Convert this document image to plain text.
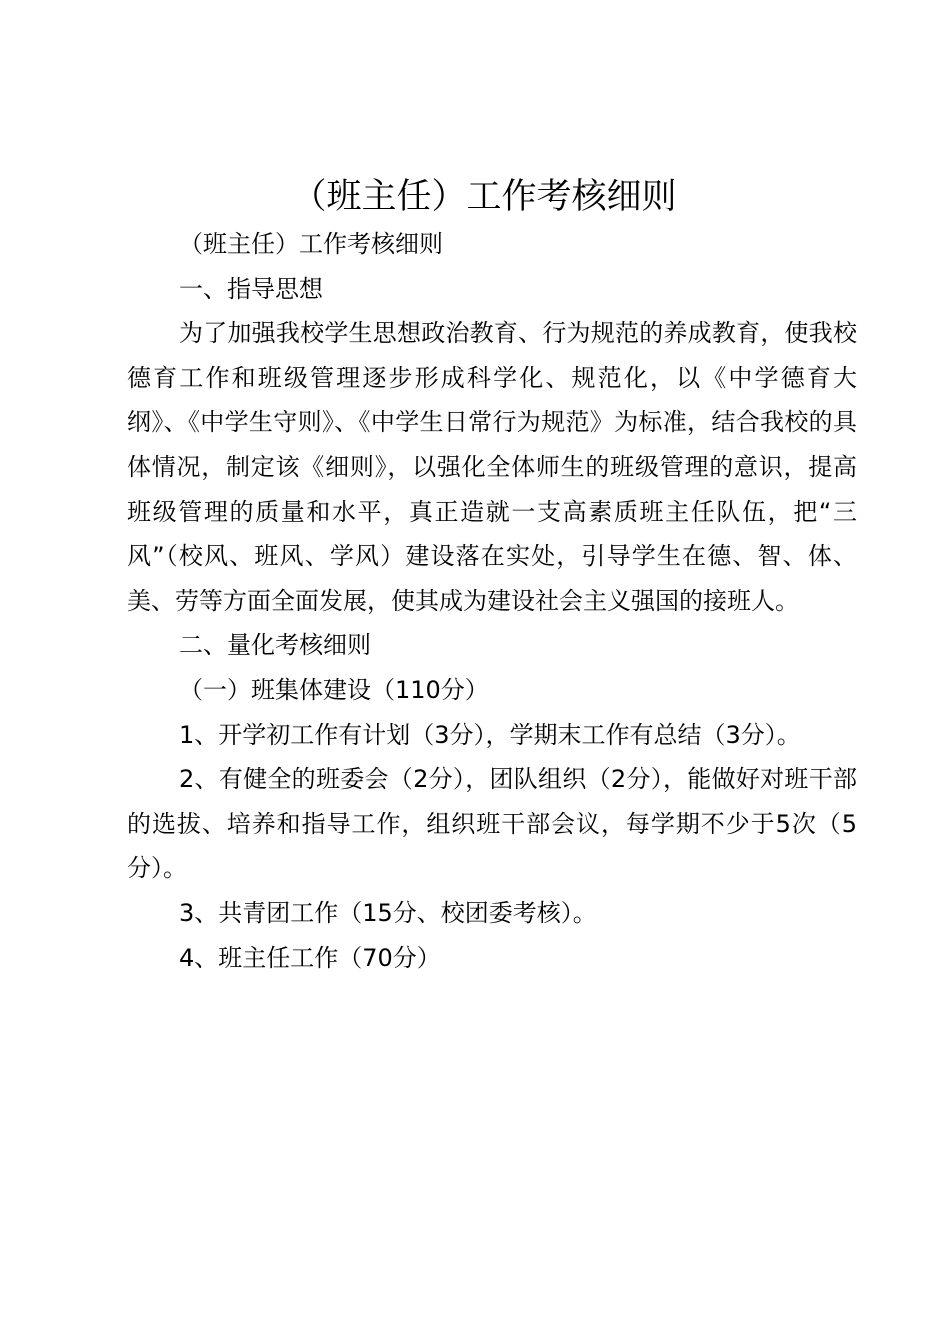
（班主任）工作考核细则

（班主任）工作考核细则

一、指导思想

为了加强我校学生思想政治教育、行为规范的养成教育，使我校德育工作和班级管理逐步形成科学化、规范化，以《中学德育大纲》、《中学生守则》、《中学生日常行为规范》为标准，结合我校的具体情况，制定该《细则》，以强化全体师生的班级管理的意识，提高班级管理的质量和水平，真正造就一支高素质班主任队伍，把“三风”（校风、班风、学风）建设落在实处，引导学生在德、智、体、美、劳等方面全面发展，使其成为建设社会主义强国的接班人。

二、量化考核细则

（一）班集体建设（110分）

1、开学初工作有计划（3分），学期末工作有总结（3分）。

2、有健全的班委会（2分），团队组织（2分），能做好对班干部的选拔、培养和指导工作，组织班干部会议，每学期不少于5次（5分）。

3、共青团工作（15分、校团委考核）。

4、班主任工作（70分）
